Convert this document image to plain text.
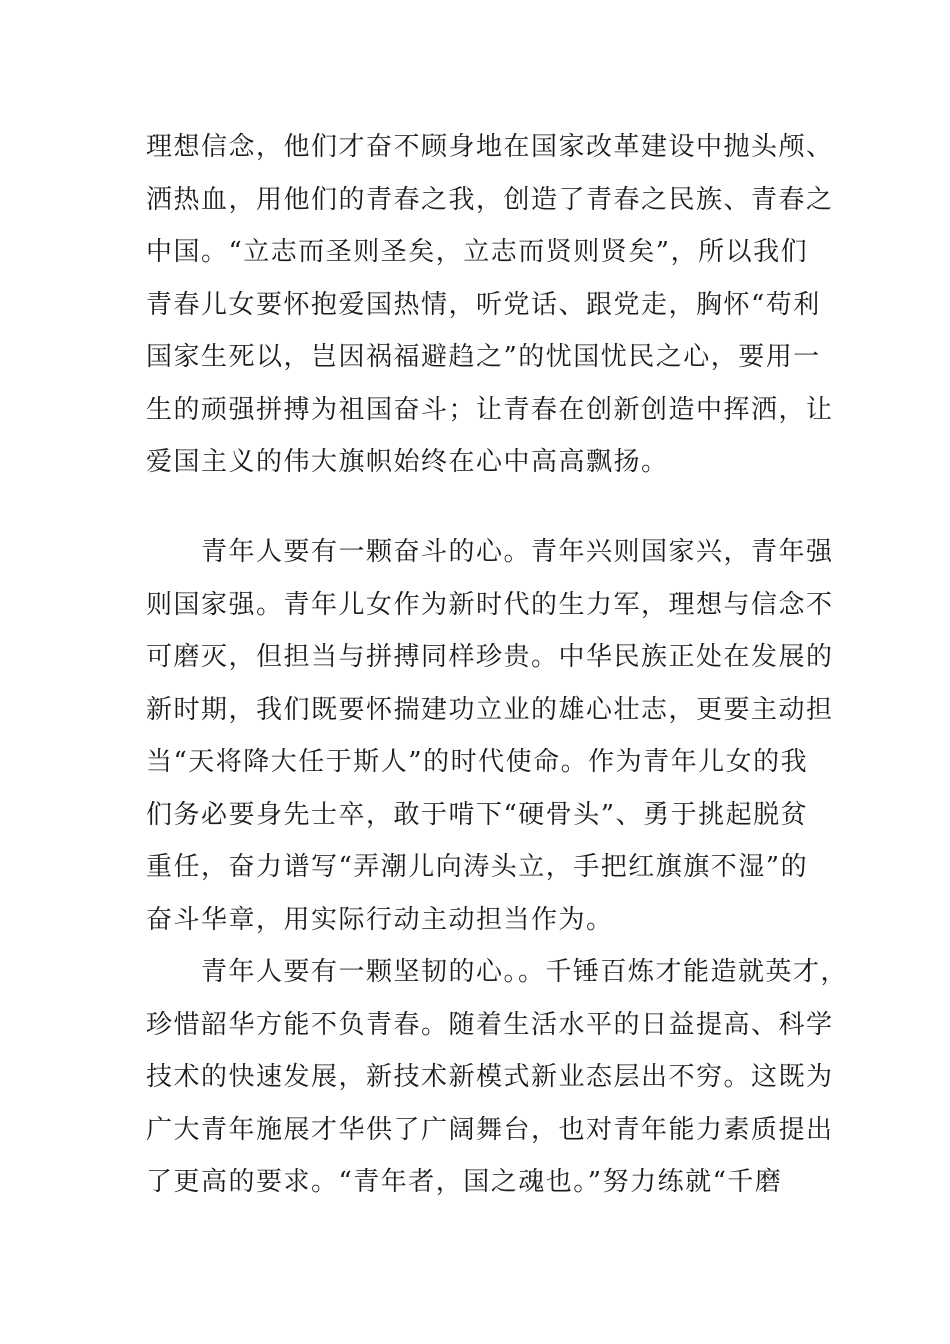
理想信念，他们才奋不顾身地在国家改革建设中抛头颅、
洒热血，用他们的青春之我，创造了青春之民族、青春之
中国。“立志而圣则圣矣，立志而贤则贤矣”，所以我们
青春儿女要怀抱爱国热情，听党话、跟党走，胸怀“苟利
国家生死以，岂因祸福避趋之”的忧国忧民之心，要用一
生的顽强拼搏为祖国奋斗；让青春在创新创造中挥洒，让
爱国主义的伟大旗帜始终在心中高高飘扬。

　　青年人要有一颗奋斗的心。青年兴则国家兴，青年强
则国家强。青年儿女作为新时代的生力军，理想与信念不
可磨灭，但担当与拼搏同样珍贵。中华民族正处在发展的
新时期，我们既要怀揣建功立业的雄心壮志，更要主动担
当“天将降大任于斯人”的时代使命。作为青年儿女的我
们务必要身先士卒，敢于啃下“硬骨头”、勇于挑起脱贫
重任，奋力谱写“弄潮儿向涛头立，手把红旗旗不湿”的
奋斗华章，用实际行动主动担当作为。

　　青年人要有一颗坚韧的心。。千锤百炼才能造就英才，
珍惜韶华方能不负青春。随着生活水平的日益提高、科学
技术的快速发展，新技术新模式新业态层出不穷。这既为
广大青年施展才华供了广阔舞台，也对青年能力素质提出
了更高的要求。“青年者，国之魂也。”努力练就“千磨
